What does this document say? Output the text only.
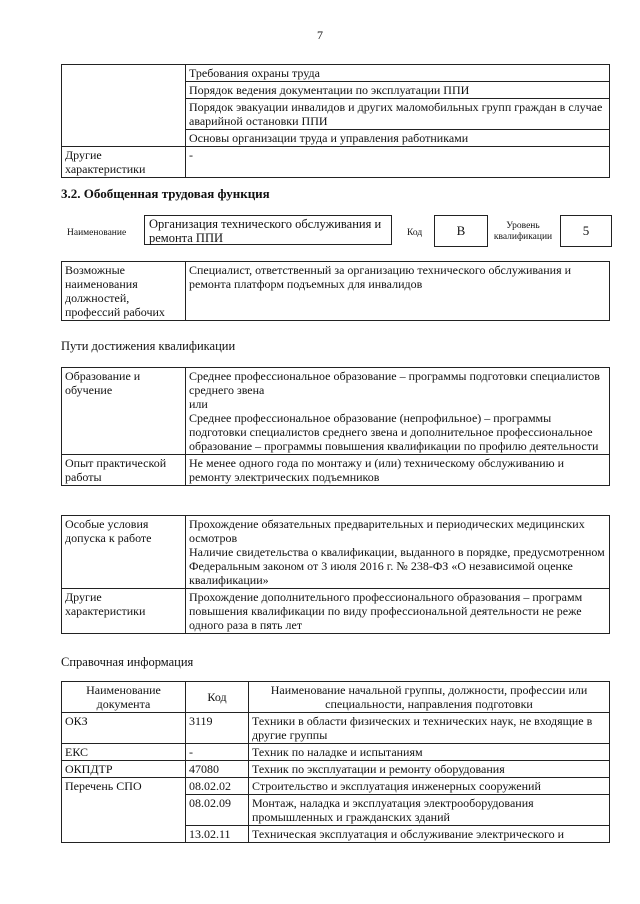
7
	Требования охраны труда
	Порядок ведения документации по эксплуатации ППИ
	Порядок эвакуации инвалидов и других маломобильных групп граждан в случае аварийной остановки ППИ
	Основы организации труда и управления работниками
Другие характеристики	-
3.2. Обобщенная трудовая функция
Наименование
Организация технического обслуживания и ремонта ППИ	Код	B	Уровень квалификации	5
Возможные наименования должностей, профессий рабочих	Специалист, ответственный за организацию технического обслуживания и ремонта платформ подъемных для инвалидов
Пути достижения квалификации
Образование и обучение	Среднее профессиональное образование – программы подготовки специалистов среднего звена
или
Среднее профессиональное образование (непрофильное) – программы подготовки специалистов среднего звена и дополнительное профессиональное образование – программы повышения квалификации по профилю деятельности

Опыт практической работы	Не менее одного года по монтажу и (или) техническому обслуживанию и ремонту электрических подъемников
Особые условия допуска к работе	Прохождение обязательных предварительных и периодических медицинских осмотров
Наличие свидетельства о квалификации, выданного в порядке, предусмотренном Федеральным законом от 3 июля 2016 г. № 238-ФЗ «О независимой оценке квалификации»

Другие характеристики	Прохождение дополнительного профессионального образования – программ повышения квалификации по виду профессиональной деятельности не реже одного раза в пять лет
Справочная информация
Наименование документа	Код	Наименование начальной группы, должности, профессии или специальности, направления подготовки
ОКЗ	3119	Техники в области физических и технических наук, не входящие в другие группы
ЕКС	-	Техник по наладке и испытаниям
ОКПДТР	47080	Техник по эксплуатации и ремонту оборудования
Перечень СПО	08.02.02	Строительство и эксплуатация инженерных сооружений
	08.02.09	Монтаж, наладка и эксплуатация электрооборудования промышленных и гражданских зданий
	13.02.11	Техническая эксплуатация и обслуживание электрического и
